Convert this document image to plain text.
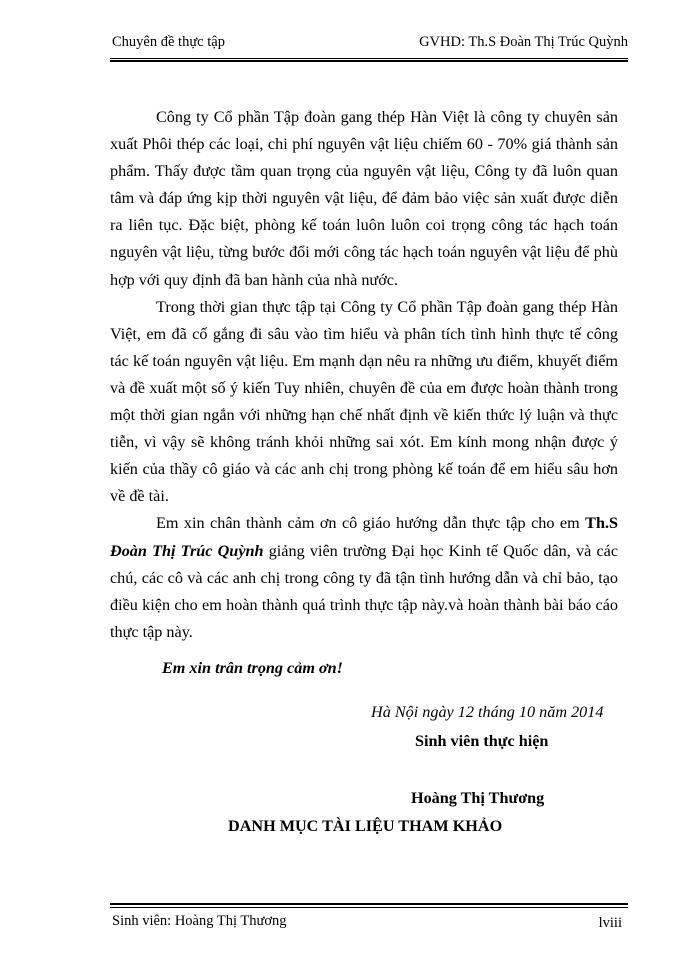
Chuyên đề thực tập	GVHD: Th.S Đoàn Thị Trúc Quỳnh

Công ty Cổ phần Tập đoàn gang thép Hàn Việt là công ty chuyên sản xuất Phôi thép các loại, chi phí nguyên vật liệu chiếm 60 - 70% giá thành sản phẩm. Thấy được tầm quan trọng của nguyên vật liệu, Công ty đã luôn quan tâm và đáp ứng kịp thời nguyên vật liệu, để đảm bảo việc sản xuất được diễn ra liên tục. Đặc biệt, phòng kế toán luôn luôn coi trọng công tác hạch toán nguyên vật liệu, từng bước đổi mới công tác hạch toán nguyên vật liệu để phù hợp với quy định đã ban hành của nhà nước.

Trong thời gian thực tập tại Công ty Cổ phần Tập đoàn gang thép Hàn Việt, em đã cố gắng đi sâu vào tìm hiểu và phân tích tình hình thực tế công tác kế toán nguyên vật liệu. Em mạnh dạn nêu ra những ưu điểm, khuyết điểm và đề xuất một số ý kiến Tuy nhiên, chuyên đề của em được hoàn thành trong một thời gian ngắn với những hạn chế nhất định về kiến thức lý luận và thực tiễn, vì vậy sẽ không tránh khỏi những sai xót. Em kính mong nhận được ý kiến của thầy cô giáo và các anh chị trong phòng kế toán để em hiểu sâu hơn về đề tài.

Em xin chân thành cảm ơn cô giáo hướng dẫn thực tập cho em Th.S Đoàn Thị Trúc Quỳnh giảng viên trường Đại học Kinh tế Quốc dân, và các chú, các cô và các anh chị trong công ty đã tận tình hướng dẫn và chỉ bảo, tạo điều kiện cho em hoàn thành quá trình thực tập này.và hoàn thành bài báo cáo thực tập này.

Em xin trân trọng cảm ơn!
Hà Nội ngày 12 tháng 10 năm 2014
Sinh viên thực hiện
Hoàng Thị Thương
DANH MỤC TÀI LIỆU THAM KHẢO
Sinh viên: Hoàng Thị Thương	lviii
